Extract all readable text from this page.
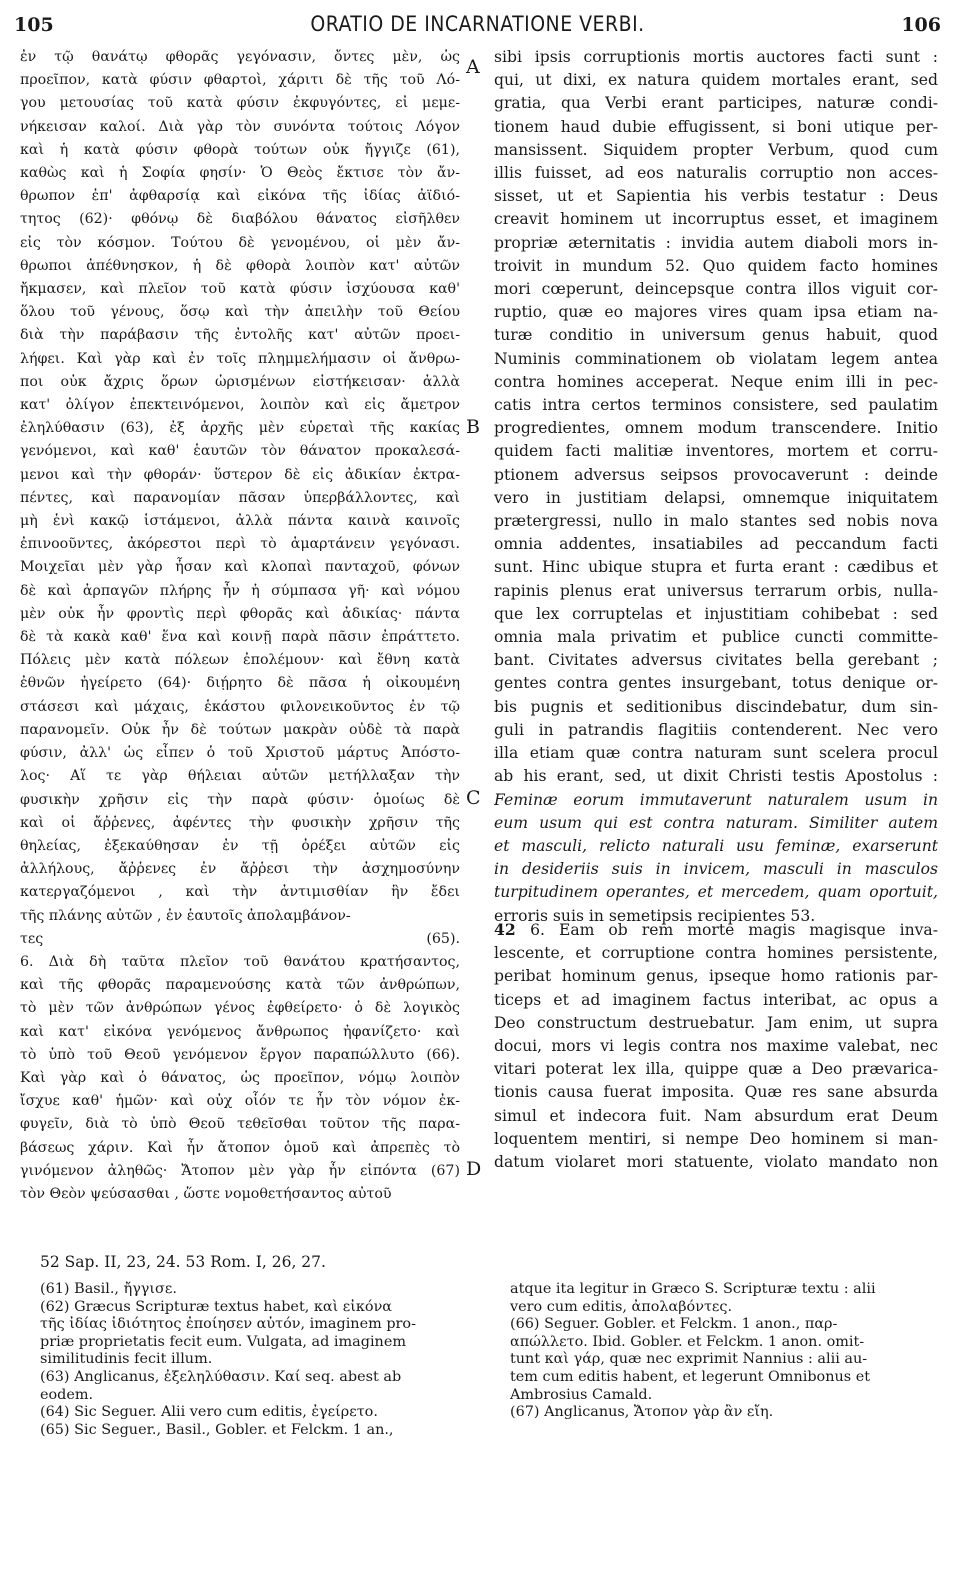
105	ORATIO DE INCARNATIONE VERBI.	106
A
B
C
D
ἐν τῷ θανάτῳ φθορᾶς γεγόνασιν, ὄντες μὲν, ὡς
προεῖπον, κατὰ φύσιν φθαρτοὶ, χάριτι δὲ τῆς τοῦ Λό-
γου μετουσίας τοῦ κατὰ φύσιν ἐκφυγόντες, εἰ μεμε-
νήκεισαν καλοί. Διὰ γὰρ τὸν συνόντα τούτοις Λόγον
καὶ ἡ κατὰ φύσιν φθορὰ τούτων οὐκ ἤγγιζε (61),
καθὼς καὶ ἡ Σοφία φησίν· Ὁ Θεὸς ἔκτισε τὸν ἄν-
θρωπον ἐπ' ἀφθαρσίᾳ καὶ εἰκόνα τῆς ἰδίας ἀϊδιό-
τητος (62)· φθόνῳ δὲ διαβόλου θάνατος εἰσῆλθεν
εἰς τὸν κόσμον. Τούτου δὲ γενομένου, οἱ μὲν ἄν-
θρωποι ἀπέθνησκον, ἡ δὲ φθορὰ λοιπὸν κατ' αὐτῶν
ἤκμασεν, καὶ πλεῖον τοῦ κατὰ φύσιν ἰσχύουσα καθ'
ὅλου τοῦ γένους, ὅσῳ καὶ τὴν ἀπειλὴν τοῦ Θείου
διὰ τὴν παράβασιν τῆς ἐντολῆς κατ' αὐτῶν προει-
λήφει. Καὶ γὰρ καὶ ἐν τοῖς πλημμελήμασιν οἱ ἄνθρω-
ποι οὐκ ἄχρις ὅρων ὡρισμένων εἱστήκεισαν· ἀλλὰ
κατ' ὀλίγον ἐπεκτεινόμενοι, λοιπὸν καὶ εἰς ἄμετρον
ἐληλύθασιν (63), ἐξ ἀρχῆς μὲν εὑρεταὶ τῆς κακίας
γενόμενοι, καὶ καθ' ἑαυτῶν τὸν θάνατον προκαλεσά-
μενοι καὶ τὴν φθοράν· ὕστερον δὲ εἰς ἀδικίαν ἐκτρα-
πέντες, καὶ παρανομίαν πᾶσαν ὑπερβάλλοντες, καὶ
μὴ ἑνὶ κακῷ ἱστάμενοι, ἀλλὰ πάντα καινὰ καινοῖς
ἐπινοοῦντες, ἀκόρεστοι περὶ τὸ ἁμαρτάνειν γεγόνασι.
Μοιχεῖαι μὲν γὰρ ἦσαν καὶ κλοπαὶ πανταχοῦ, φόνων
δὲ καὶ ἁρπαγῶν πλήρης ἦν ἡ σύμπασα γῆ· καὶ νόμου
μὲν οὐκ ἦν φροντὶς περὶ φθορᾶς καὶ ἀδικίας· πάντα
δὲ τὰ κακὰ καθ' ἕνα καὶ κοινῇ παρὰ πᾶσιν ἐπράττετο.
Πόλεις μὲν κατὰ πόλεων ἐπολέμουν· καὶ ἔθνη κατὰ
ἐθνῶν ἠγείρετο (64)· διῄρητο δὲ πᾶσα ἡ οἰκουμένη
στάσεσι καὶ μάχαις, ἑκάστου φιλονεικοῦντος ἐν τῷ
παρανομεῖν. Οὐκ ἦν δὲ τούτων μακρὰν οὐδὲ τὰ παρὰ
φύσιν, ἀλλ' ὡς εἶπεν ὁ τοῦ Χριστοῦ μάρτυς Ἀπόστο-
λος· Αἵ τε γὰρ θήλειαι αὐτῶν μετήλλαξαν τὴν
φυσικὴν χρῆσιν εἰς τὴν παρὰ φύσιν· ὁμοίως δὲ
καὶ οἱ ἄῤῥενες, ἀφέντες τὴν φυσικὴν χρῆσιν τῆς
θηλείας, ἐξεκαύθησαν ἐν τῇ ὀρέξει αὐτῶν εἰς
ἀλλήλους, ἄῤῥενες ἐν ἄῤῥεσι τὴν ἀσχημοσύνην
κατεργαζόμενοι , καὶ τὴν ἀντιμισθίαν ἣν ἔδει
τῆς πλάνης αὐτῶν , ἐν ἑαυτοῖς ἀπολαμβάνον-
τες (65).
6. Διὰ δὴ ταῦτα πλεῖον τοῦ θανάτου κρατήσαντος,
καὶ τῆς φθορᾶς παραμενούσης κατὰ τῶν ἀνθρώπων,
τὸ μὲν τῶν ἀνθρώπων γένος ἐφθείρετο· ὁ δὲ λογικὸς
καὶ κατ' εἰκόνα γενόμενος ἄνθρωπος ἠφανίζετο· καὶ
τὸ ὑπὸ τοῦ Θεοῦ γενόμενον ἔργον παραπώλλυτο (66).
Καὶ γὰρ καὶ ὁ θάνατος, ὡς προεῖπον, νόμῳ λοιπὸν
ἴσχυε καθ' ἡμῶν· καὶ οὐχ οἷόν τε ἦν τὸν νόμον ἐκ-
φυγεῖν, διὰ τὸ ὑπὸ Θεοῦ τεθεῖσθαι τοῦτον τῆς παρα-
βάσεως χάριν. Καὶ ἦν ἄτοπον ὁμοῦ καὶ ἀπρεπὲς τὸ
γινόμενον ἀληθῶς· Ἄτοπον μὲν γὰρ ἦν εἰπόντα (67)
τὸν Θεὸν ψεύσασθαι , ὥστε νομοθετήσαντος αὐτοῦ
sibi ipsis corruptionis mortis auctores facti sunt :
qui, ut dixi, ex natura quidem mortales erant, sed
gratia, qua Verbi erant participes, naturæ condi-
tionem haud dubie effugissent, si boni utique per-
mansissent. Siquidem propter Verbum, quod cum
illis fuisset, ad eos naturalis corruptio non acces-
sisset, ut et Sapientia his verbis testatur : Deus
creavit hominem ut incorruptus esset, et imaginem
propriæ æternitatis : invidia autem diaboli mors in-
troivit in mundum 52. Quo quidem facto homines
mori cœperunt, deincepsque contra illos viguit cor-
ruptio, quæ eo majores vires quam ipsa etiam na-
turæ conditio in universum genus habuit, quod
Numinis comminationem ob violatam legem antea
contra homines acceperat. Neque enim illi in pec-
catis intra certos terminos consistere, sed paulatim
progredientes, omnem modum transcendere. Initio
quidem facti malitiæ inventores, mortem et corru-
ptionem adversus seipsos provocaverunt : deinde
vero in justitiam delapsi, omnemque iniquitatem
prætergressi, nullo in malo stantes sed nobis nova
omnia addentes, insatiabiles ad peccandum facti
sunt. Hinc ubique stupra et furta erant : cædibus et
rapinis plenus erat universus terrarum orbis, nulla-
que lex corruptelas et injustitiam cohibebat : sed
omnia mala privatim et publice cuncti committe-
bant. Civitates adversus civitates bella gerebant ;
gentes contra gentes insurgebant, totus denique or-
bis pugnis et seditionibus discindebatur, dum sin-
guli in patrandis flagitiis contenderent. Nec vero
illa etiam quæ contra naturam sunt scelera procul
ab his erant, sed, ut dixit Christi testis Apostolus :
Feminæ eorum immutaverunt naturalem usum in
eum usum qui est contra naturam. Similiter autem
et masculi, relicto naturali usu feminæ, exarserunt
in desideriis suis in invicem, masculi in masculos
turpitudinem operantes, et mercedem, quam oportuit,
erroris suis in semetipsis recipientes 53.
42 6. Eam ob rem morte magis magisque inva-
lescente, et corruptione contra homines persistente,
peribat hominum genus, ipseque homo rationis par-
ticeps et ad imaginem factus interibat, ac opus a
Deo constructum destruebatur. Jam enim, ut supra
docui, mors vi legis contra nos maxime valebat, nec
vitari poterat lex illa, quippe quæ a Deo prævarica-
tionis causa fuerat imposita. Quæ res sane absurda
simul et indecora fuit. Nam absurdum erat Deum
loquentem mentiri, si nempe Deo hominem si man-
datum violaret mori statuente, violato mandato non
52 Sap. II, 23, 24. 53 Rom. I, 26, 27.
(61) Basil., ἤγγισε.
(62) Græcus Scripturæ textus habet, καὶ εἰκόνα
τῆς ἰδίας ἰδιότητος ἐποίησεν αὐτόν, imaginem pro-
priæ proprietatis fecit eum. Vulgata, ad imaginem
similitudinis fecit illum.
(63) Anglicanus, ἐξεληλύθασιν. Καί seq. abest ab
eodem.
(64) Sic Seguer. Alii vero cum editis, ἐγείρετο.
(65) Sic Seguer., Basil., Gobler. et Felckm. 1 an.,
atque ita legitur in Græco S. Scripturæ textu : alii
vero cum editis, ἀπολαβόντες.
(66) Seguer. Gobler. et Felckm. 1 anon., παρ-
απώλλετο. Ibid. Gobler. et Felckm. 1 anon. omit-
tunt καὶ γάρ, quæ nec exprimit Nannius : alii au-
tem cum editis habent, et legerunt Omnibonus et
Ambrosius Camald.
(67) Anglicanus, Ἄτοπον γὰρ ἂν εἴη.
